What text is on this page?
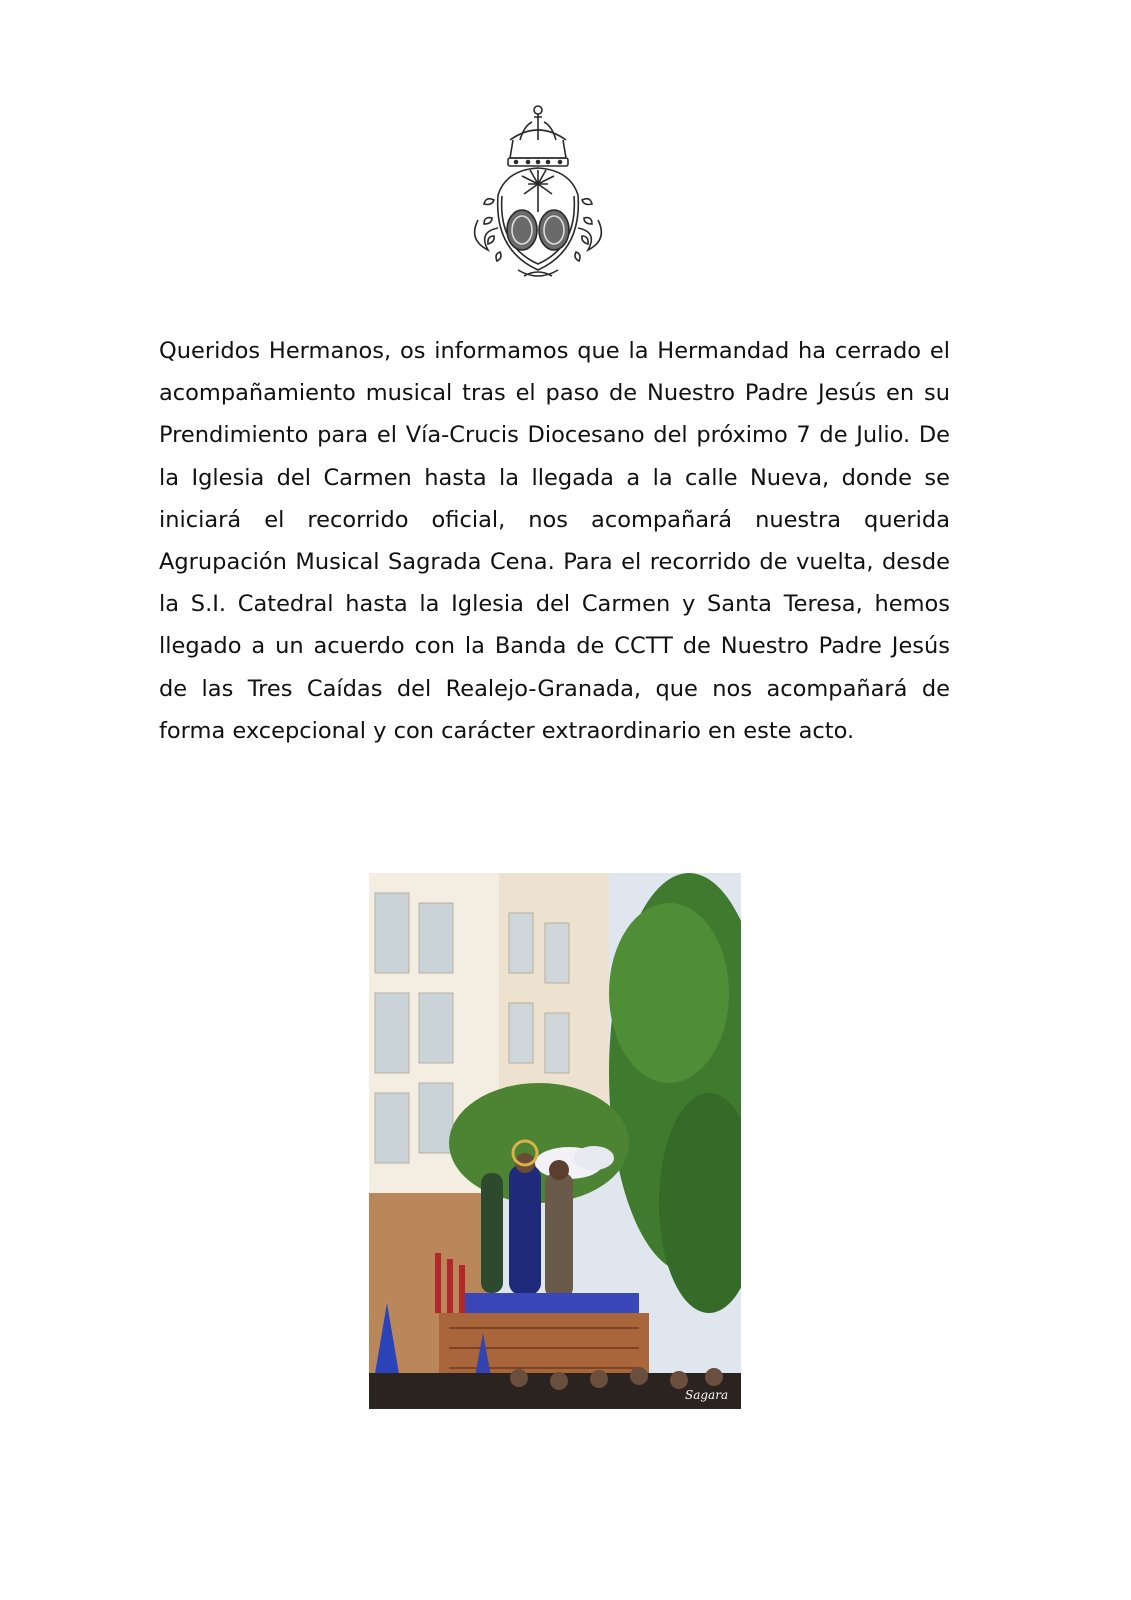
Queridos Hermanos, os informamos que la Hermandad ha cerrado el acompañamiento musical tras el paso de Nuestro Padre Jesús en su Prendimiento para el Vía-Crucis Diocesano del próximo 7 de Julio. De la Iglesia del Carmen hasta la llegada a la calle Nueva, donde se iniciará el recorrido oficial, nos acompañará nuestra querida Agrupación Musical Sagrada Cena. Para el recorrido de vuelta, desde la S.I. Catedral hasta la Iglesia del Carmen y Santa Teresa, hemos llegado a un acuerdo con la Banda de CCTT de Nuestro Padre Jesús de las Tres Caídas del Realejo-Granada, que nos acompañará de forma excepcional y con carácter extraordinario en este acto.

Sagara
